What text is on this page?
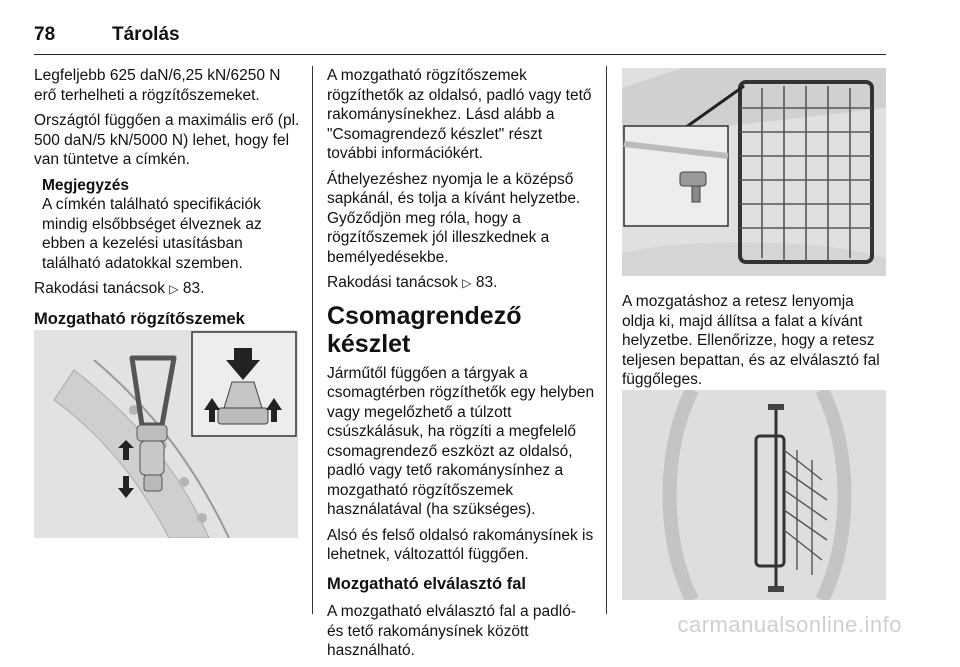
78	Tárolás

Legfeljebb 625 daN/6,25 kN/6250 N erő terhelheti a rögzítőszemeket.

Országtól függően a maximális erő (pl. 500 daN/5 kN/5000 N) lehet, hogy fel van tüntetve a címkén.

Megjegyzés

A címkén található specifikációk mindig elsőbbséget élveznek az ebben a kezelési utasításban található adatokkal szemben.

Rakodási tanácsok ▷ 83.

Mozgatható rögzítőszemek

A mozgatható rögzítőszemek rögzíthetők az oldalsó, padló vagy tető rakománysínekhez. Lásd alább a "Csomagrendező készlet" részt további információkért.

Áthelyezéshez nyomja le a középső sapkánál, és tolja a kívánt helyzetbe. Győződjön meg róla, hogy a rögzítőszemek jól illeszkednek a bemélyedésekbe.

Rakodási tanácsok ▷ 83.

Csomagrendező készlet

Járműtől függően a tárgyak a csomagtérben rögzíthetők egy helyben vagy megelőzhető a túlzott csúszkálásuk, ha rögzíti a megfelelő csomagrendező eszközt az oldalsó, padló vagy tető rakománysínhez a mozgatható rögzítőszemek használatával (ha szükséges).

Alsó és felső oldalsó rakománysínek is lehetnek, változattól függően.

Mozgatható elválasztó fal

A mozgatható elválasztó fal a padló- és tető rakománysínek között használható.

A mozgatáshoz a retesz lenyomja oldja ki, majd állítsa a falat a kívánt helyzetbe. Ellenőrizze, hogy a retesz teljesen bepattan, és az elválasztó fal függőleges.

carmanualsonline.info
